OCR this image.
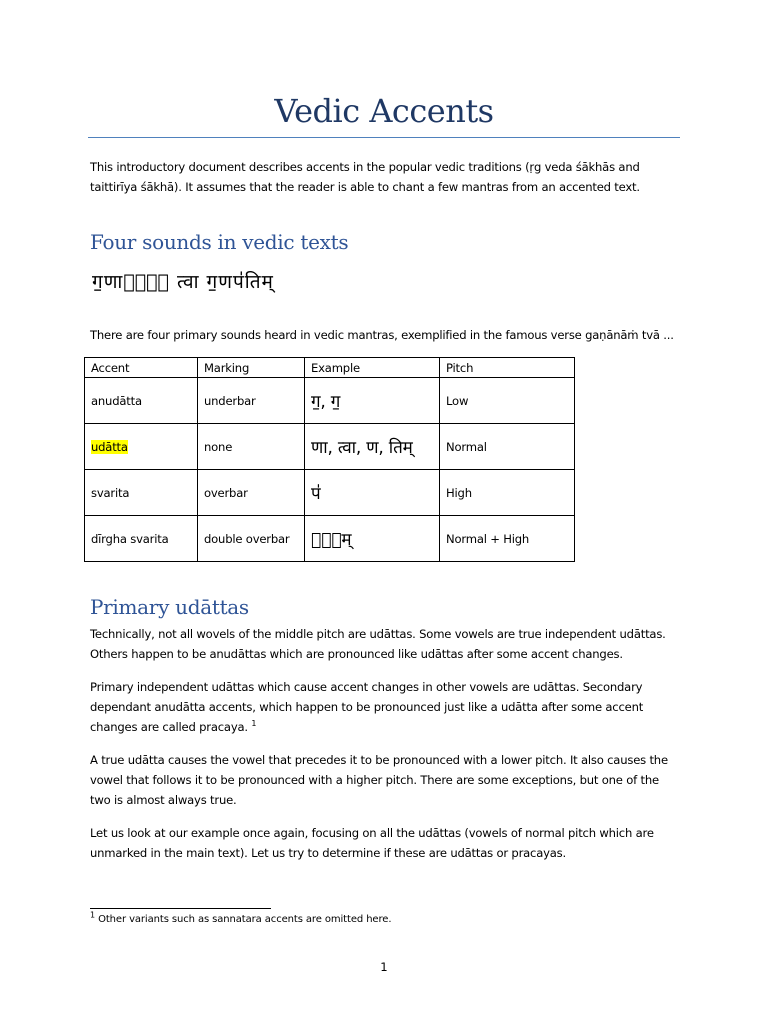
Vedic Accents
This introductory document describes accents in the popular vedic traditions (ṛg veda śākhās and taittirīya śākhā). It assumes that the reader is able to chant a few mantras from an accented text.
Four sounds in vedic texts
ग॒णानां᳚ त्वा ग॒णप॑तिम्
There are four primary sounds heard in vedic mantras, exemplified in the famous verse gaṇānāṁ tvā ...
Accent	Marking	Example	Pitch
anudātta	underbar	ग॒, ग॒	Low
udātta	none	णा, त्वा, ण, तिम्	Normal
svarita	overbar	प॑	High
dīrgha svarita	double overbar	ना᳚म्	Normal + High
Primary udāttas
Technically, not all wovels of the middle pitch are udāttas. Some vowels are true independent udāttas. Others happen to be anudāttas which are pronounced like udāttas after some accent changes.
Primary independent udāttas which cause accent changes in other vowels are udāttas. Secondary dependant anudātta accents, which happen to be pronounced just like a udātta after some accent changes are called pracaya. $^1$
A true udātta causes the vowel that precedes it to be pronounced with a lower pitch. It also causes the vowel that follows it to be pronounced with a higher pitch. There are some exceptions, but one of the two is almost always true.
Let us look at our example once again, focusing on all the udāttas (vowels of normal pitch which are unmarked in the main text). Let us try to determine if these are udāttas or pracayas.
$^1$ Other variants such as sannatara accents are omitted here.
1
